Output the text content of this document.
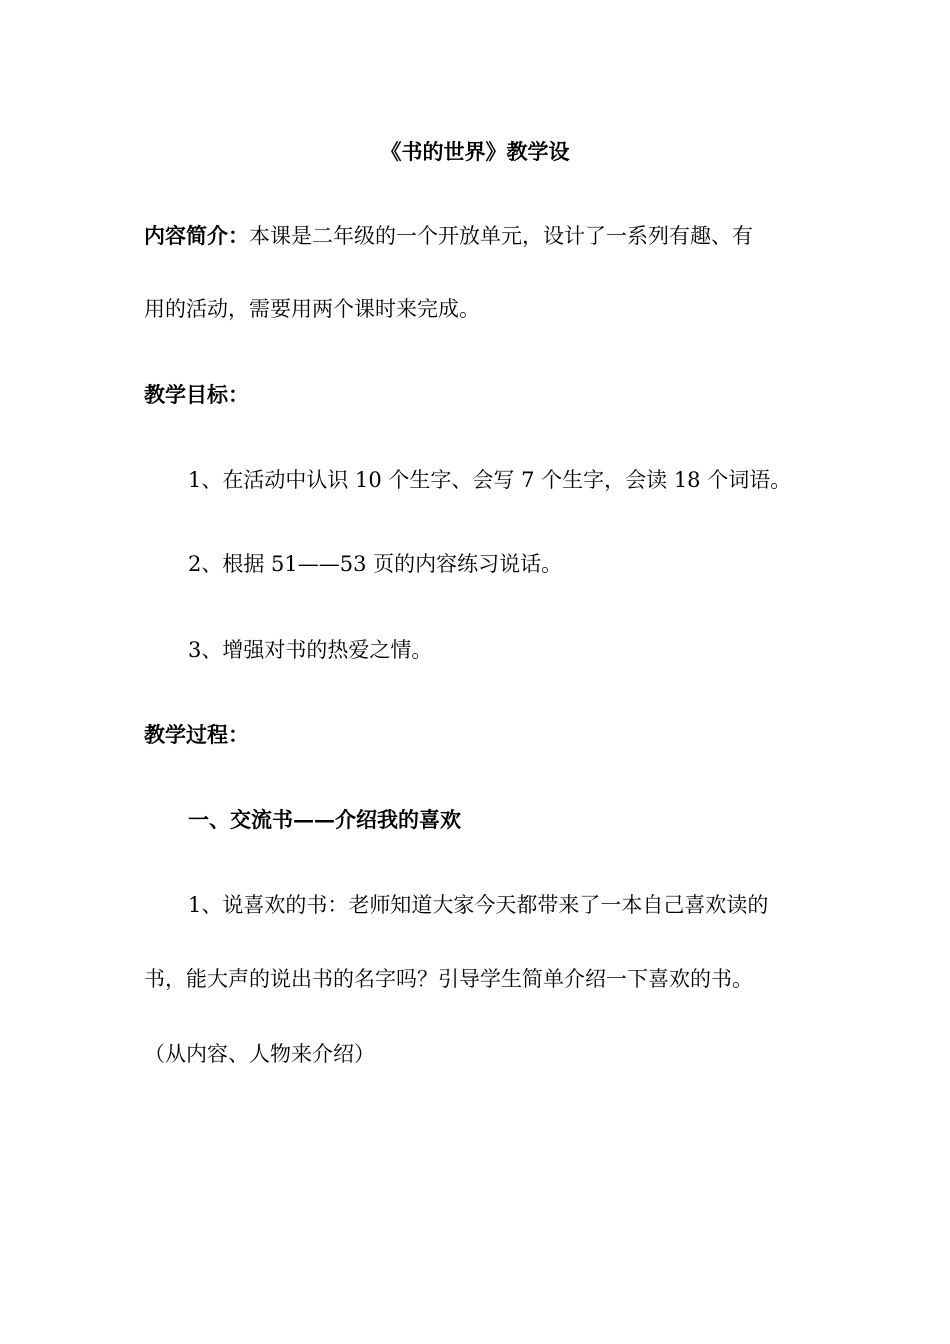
《书的世界》教学设
内容简介：本课是二年级的一个开放单元，设计了一系列有趣、有
用的活动，需要用两个课时来完成。
教学目标：
1、在活动中认识 10 个生字、会写 7 个生字，会读 18 个词语。
2、根据 51——53 页的内容练习说话。
3、增强对书的热爱之情。
教学过程：
一、交流书——介绍我的喜欢
1、说喜欢的书：老师知道大家今天都带来了一本自己喜欢读的
书，能大声的说出书的名字吗？引导学生简单介绍一下喜欢的书。
（从内容、人物来介绍）
